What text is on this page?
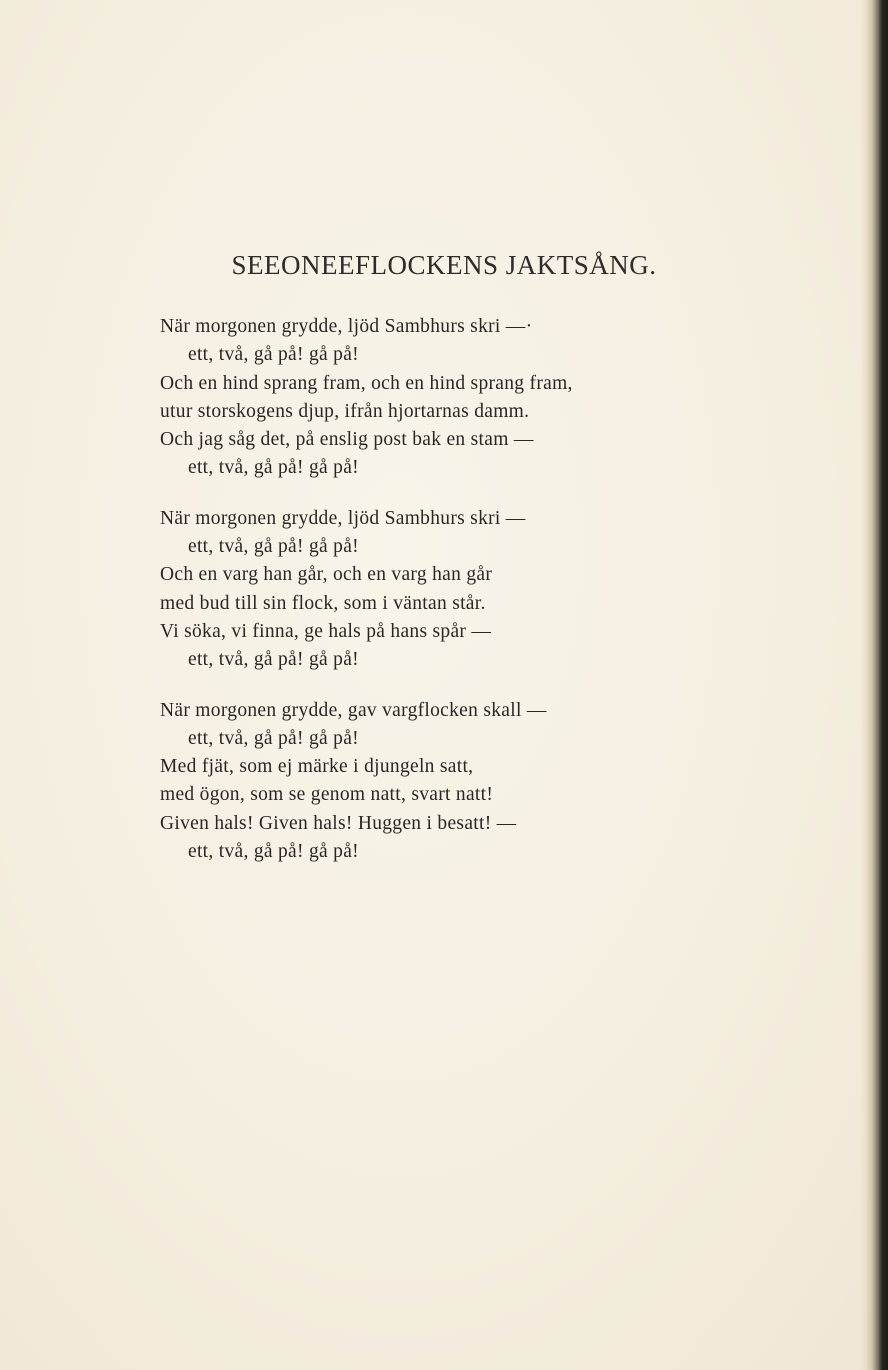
SEEONEEFLOCKENS JAKTSÅNG.
När morgonen grydde, ljöd Sambhurs skri —·
ett, två, gå på! gå på!
Och en hind sprang fram, och en hind sprang fram,
utur storskogens djup, ifrån hjortarnas damm.
Och jag såg det, på enslig post bak en stam —
ett, två, gå på! gå på!
När morgonen grydde, ljöd Sambhurs skri —
ett, två, gå på! gå på!
Och en varg han går, och en varg han går
med bud till sin flock, som i väntan står.
Vi söka, vi finna, ge hals på hans spår —
ett, två, gå på! gå på!
När morgonen grydde, gav vargflocken skall —
ett, två, gå på! gå på!
Med fjät, som ej märke i djungeln satt,
med ögon, som se genom natt, svart natt!
Given hals! Given hals! Huggen i besatt! —
ett, två, gå på! gå på!
